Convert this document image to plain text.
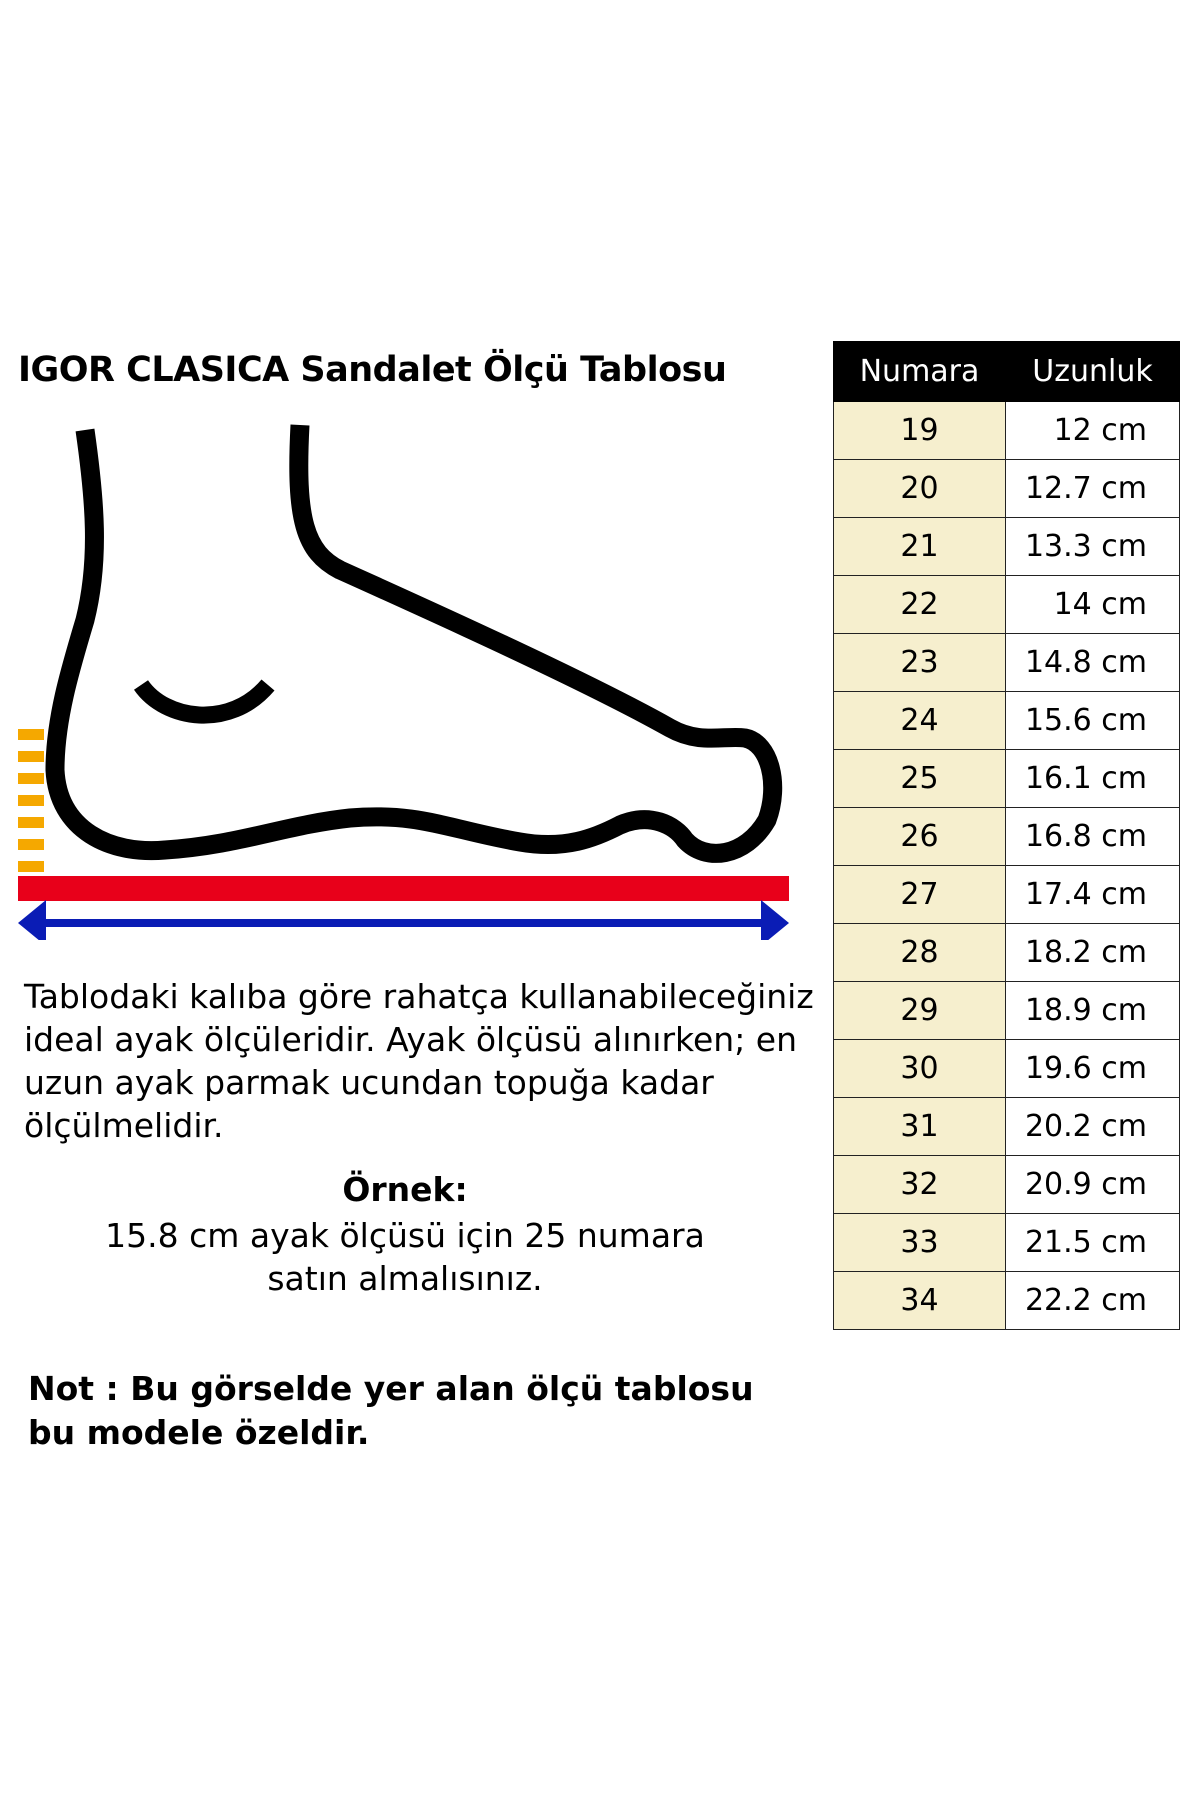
IGOR CLASICA Sandalet Ölçü Tablosu

Tablodaki kalıba göre rahatça kullanabileceğiniz ideal ayak ölçüleridir. Ayak ölçüsü alınırken; en uzun ayak parmak ucundan topuğa kadar ölçülmelidir.

Örnek:

15.8 cm ayak ölçüsü için 25 numara satın almalısınız.

Not : Bu görselde yer alan ölçü tablosu bu modele özeldir.

Numara	Uzunluk
19	12 cm
20	12.7 cm
21	13.3 cm
22	14 cm
23	14.8 cm
24	15.6 cm
25	16.1 cm
26	16.8 cm
27	17.4 cm
28	18.2 cm
29	18.9 cm
30	19.6 cm
31	20.2 cm
32	20.9 cm
33	21.5 cm
34	22.2 cm
